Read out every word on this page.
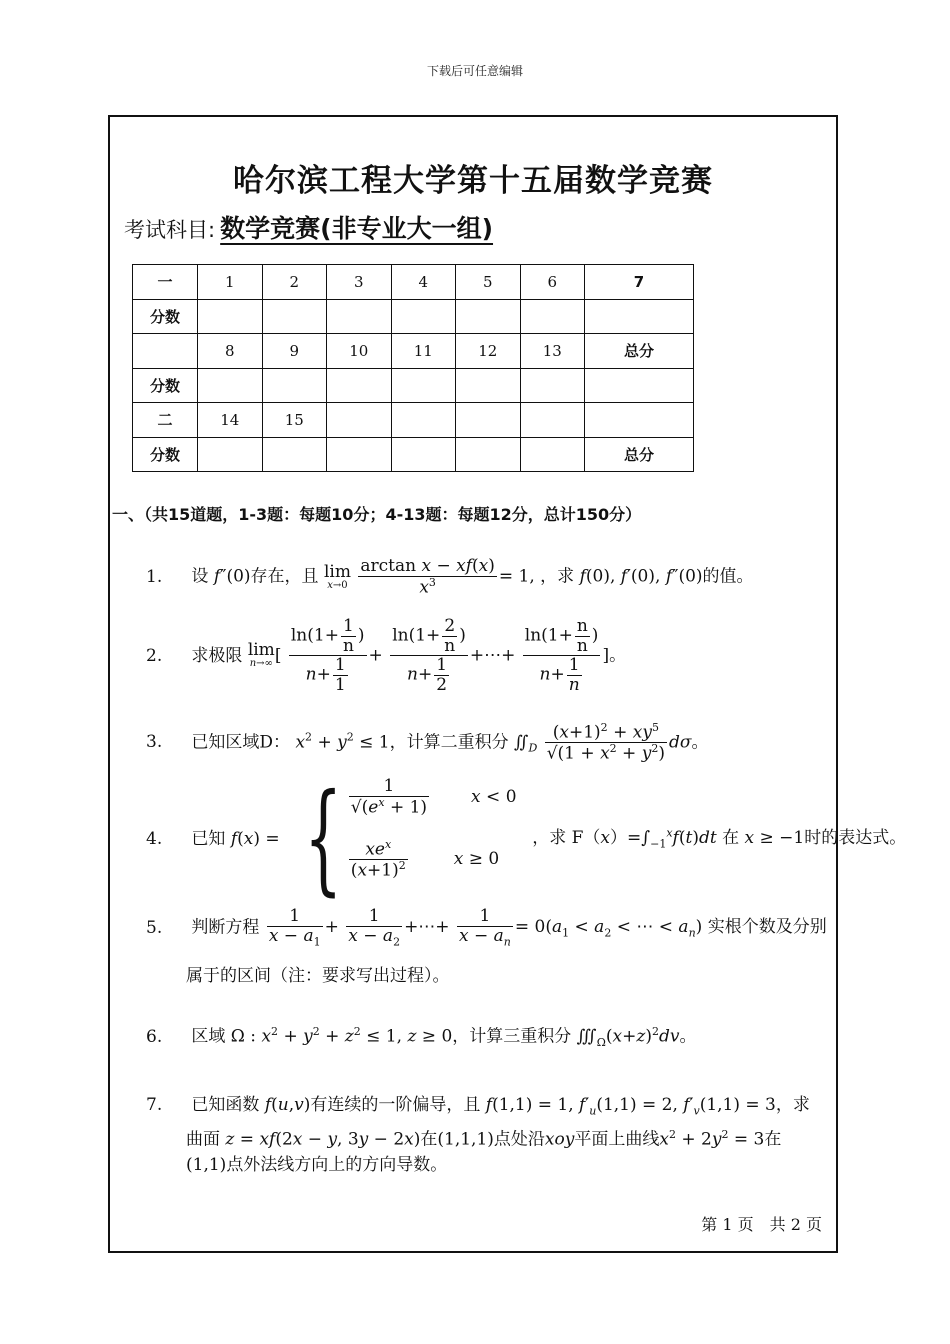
下载后可任意编辑
哈尔滨工程大学第十五届数学竞赛
考试科目: 数学竞赛(非专业大一组)
一	1	2	3	4	5	6	7
分数							
	8	9	10	11	12	13	总分
分数							
二	14	15					
分数							总分
一、（共15道题，1-3题：每题10分；4-13题：每题12分，总计150分）
1. 设 f″(0)存在，且 lim
x→0
$\frac{\text{arctan x − xf(x)}}{x^3} = 1$, ，求 f(0), f′(0), f″(0)的值。
2. 求极限 lim
n→∞ [ $\frac{\ln(1+ \frac{1}{n} )}{n+ \frac{1}{1}} + \frac{\ln(1+ \frac{2}{n} )}{n+ \frac{1}{2}}$ +⋯+ $\frac{\ln(1+ \frac{n}{n} )}{n+ \frac{1}{n}}$ ]。
3. 已知区域D： $x^2 + y^2 \le 1$，计算二重积分 $∬_D \frac{(x+1)^2 + xy^5}{√(1 + x^2 + y^2)}$ dσ。
4. 已知 f(x) = { $\frac{1}{√(e^x + 1)}$ x < 0
$\frac{xe^x}{(x+1)^2}$	x ≥ 0
，求 $F(x)=\int_{-1}^xf(t)dt$ 在 x ≥ −1时的表达式。
5. 判断方程 $\frac{1}{x - a_1} + \frac{1}{x - a_2}$ +⋯+ $\frac{1}{x - a_n} = 0(a_1 < a_2$ < ⋯ < $a_n$) 实根个数及分别
属于的区间（注：要求写出过程）。
6. 区域 Ω : $x^2 + y^2 + z^2 \le 1$, z ≥ 0，计算三重积分 $∭_\Omega(x+z)^2dv$。
7. 已知函数 f(u,v)有连续的一阶偏导，且 f(1,1) = 1, $f'_u(1,1) = 2$, $f'_v(1,1) = 3$，求
曲面 z = xf(2x − y, 3y − 2x)在(1,1,1)点处沿xoy平面上曲线$x^2 + 2y^2 = 3$在
(1,1)点外法线方向上的方向导数。
第 1 页　共 2 页
